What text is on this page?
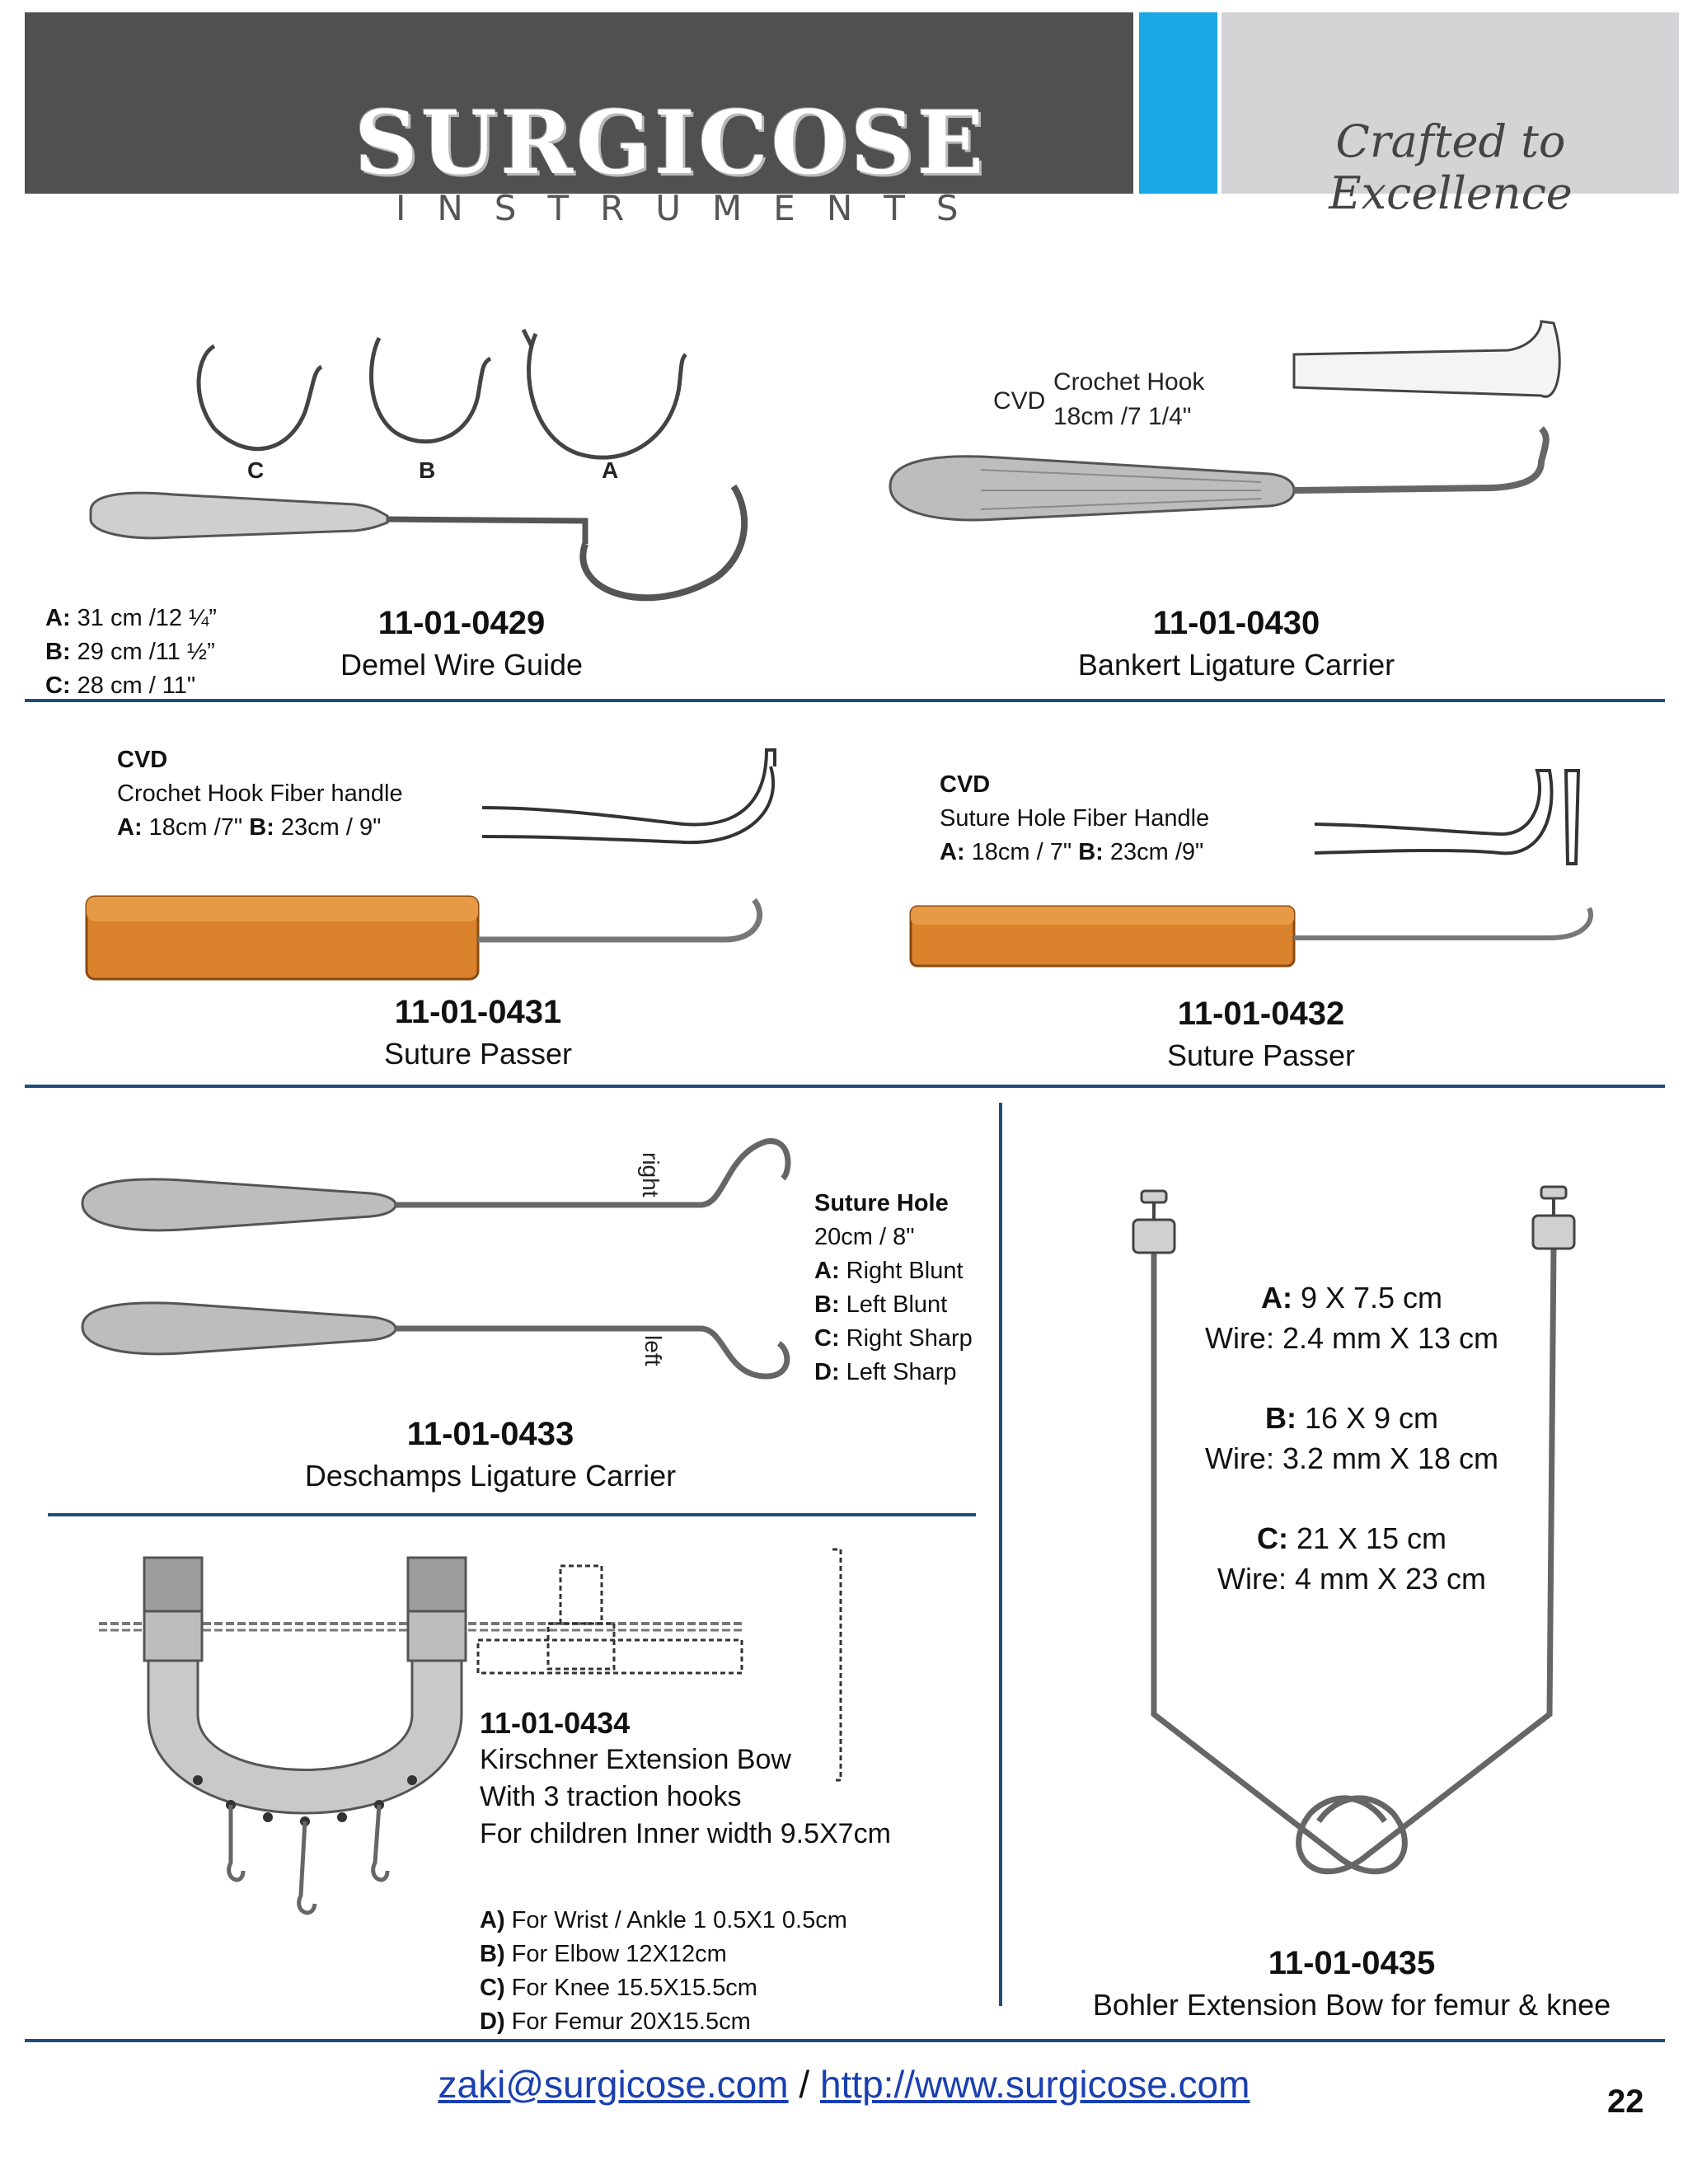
SURGICOSE
INSTRUMENTS
Crafted to Excellence
C	B	A
A: 31 cm /12 ¼”
B: 29 cm /11 ½”
C: 28 cm / 11"
11-01-0429
Demel Wire Guide
CVD
Crochet Hook
18cm /7 1/4"
11-01-0430
Bankert Ligature Carrier
CVD
Crochet Hook Fiber handle
A: 18cm /7" B: 23cm / 9"
11-01-0431
Suture Passer
CVD
Suture Hole Fiber Handle
A: 18cm / 7" B: 23cm /9"
11-01-0432
Suture Passer
right
left
Suture Hole
20cm / 8"
A: Right Blunt
B: Left Blunt
C: Right Sharp
D: Left Sharp
11-01-0433
Deschamps Ligature Carrier
11-01-0434
Kirschner Extension Bow
With 3 traction hooks
For children Inner width 9.5X7cm
A) For Wrist / Ankle 1 0.5X1 0.5cm
B) For Elbow 12X12cm
C) For Knee 15.5X15.5cm
D) For Femur 20X15.5cm
A: 9 X 7.5 cm
Wire: 2.4 mm X 13 cm
B: 16 X 9 cm
Wire: 3.2 mm X 18 cm
C: 21 X 15 cm
Wire: 4 mm X 23 cm
11-01-0435
Bohler Extension Bow for femur & knee
zaki@surgicose.com / http://www.surgicose.com	22
